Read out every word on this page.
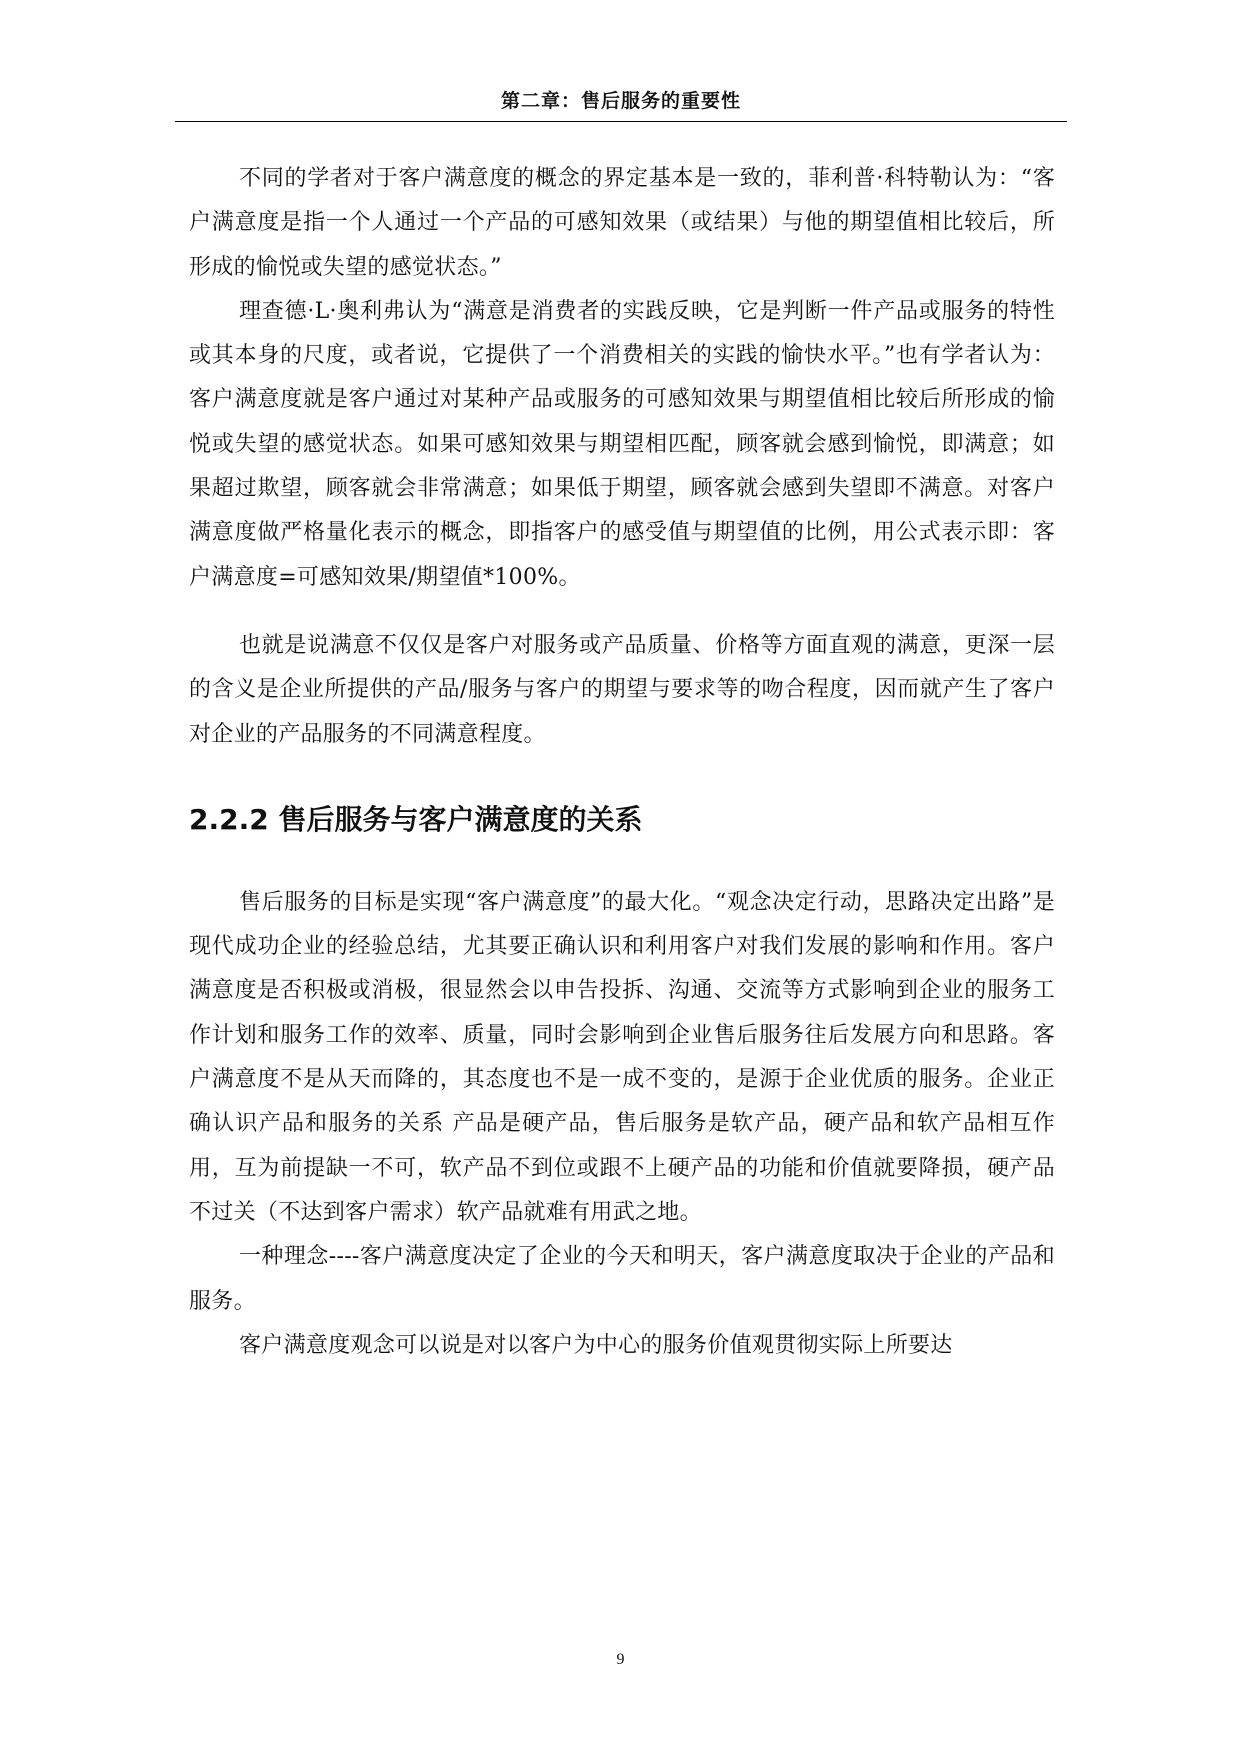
第二章：售后服务的重要性

不同的学者对于客户满意度的概念的界定基本是一致的，菲利普·科特勒认为：“客户满意度是指一个人通过一个产品的可感知效果（或结果）与他的期望值相比较后，所形成的愉悦或失望的感觉状态。”

理查德·L·奥利弗认为“满意是消费者的实践反映，它是判断一件产品或服务的特性或其本身的尺度，或者说，它提供了一个消费相关的实践的愉快水平。”也有学者认为：客户满意度就是客户通过对某种产品或服务的可感知效果与期望值相比较后所形成的愉悦或失望的感觉状态。如果可感知效果与期望相匹配，顾客就会感到愉悦，即满意；如果超过欺望，顾客就会非常满意；如果低于期望，顾客就会感到失望即不满意。对客户满意度做严格量化表示的概念，即指客户的感受值与期望值的比例，用公式表示即：客户满意度=可感知效果/期望值*100%。

也就是说满意不仅仅是客户对服务或产品质量、价格等方面直观的满意，更深一层的含义是企业所提供的产品/服务与客户的期望与要求等的吻合程度，因而就产生了客户对企业的产品服务的不同满意程度。

2.2.2 售后服务与客户满意度的关系

售后服务的目标是实现“客户满意度”的最大化。“观念决定行动，思路决定出路”是现代成功企业的经验总结，尤其要正确认识和利用客户对我们发展的影响和作用。客户满意度是否积极或消极，很显然会以申告投拆、沟通、交流等方式影响到企业的服务工作计划和服务工作的效率、质量，同时会影响到企业售后服务往后发展方向和思路。客户满意度不是从天而降的，其态度也不是一成不变的，是源于企业优质的服务。企业正确认识产品和服务的关系 产品是硬产品，售后服务是软产品，硬产品和软产品相互作用，互为前提缺一不可，软产品不到位或跟不上硬产品的功能和价值就要降损，硬产品不过关（不达到客户需求）软产品就难有用武之地。

一种理念----客户满意度决定了企业的今天和明天，客户满意度取决于企业的产品和服务。

客户满意度观念可以说是对以客户为中心的服务价值观贯彻实际上所要达

9
